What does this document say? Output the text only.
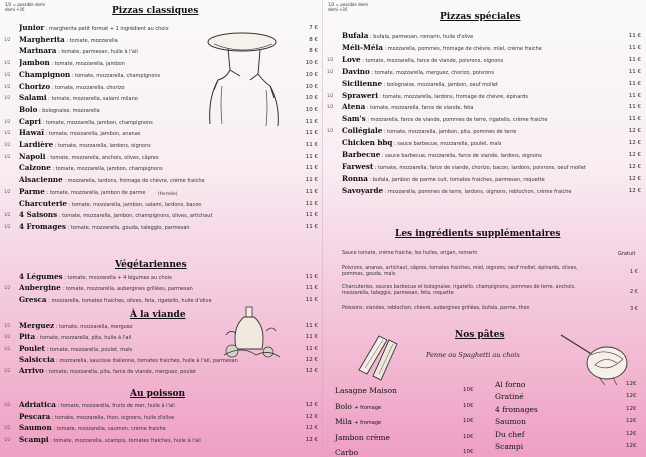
1/2 = possible demi demi +1€	Pizzas classiques
Junior : margherita petit format + 1 ingrédient au choix	7 €
1/2	Margherita : tomate, mozzarella	8 €
Marinara : tomate, parmesan, huile à l'ail	8 €
1/2	Jambon : tomate, mozzarella, jambon	10 €
1/2	Champignon : tomate, mozzarella, champignons	10 €
1/2	Chorizo : tomate, mozzarella, chorizo	10 €
1/2	Salami : tomate, mozzarella, salami milano	10 €
Bolo : bolognaise, mozzarella	10 €
1/2	Capri : tomate, mozzarella, jambon, champignons	11 €
1/2	Hawaï : tomate, mozzarella, jambon, ananas	11 €
1/2	Lardière : tomate, mozzarella, lardons, oignons	11 €
1/2	Napoli : tomate, mozzarella, anchois, olives, câpres	11 €
Calzone : tomate, mozzarella, jambon, champignons	11 €
Alsacienne : mozzarella, lardons, fromage de chèvre, crème fraiche	11 €
1/2	Parme : tomate, mozzarella, jambon de parme	11 €
Charcuterie : tomate, mozzarella, jambon, salami, lardons, bacon	11 €
1/2	4 Saisons : tomate, mozzarella, jambon, champignons, olives, artichaut	11 €
1/2	4 Fromages : tomate, mozzarella, gouda, taleggio, parmesan	11 €
(fermée)
Végétariennes
4 Légumes : tomate, mozzarella + 4 légumes au choix	11 €
1/2	Aubergine : tomate, mozzarella, aubergines grillées, parmesan	11 €
Gresca : mozzarella, tomates fraiches, olives, feta, rigatello, huile d'olive	11 €
À la viande
1/2	Merguez : tomate, mozzarella, merguez	11 €
1/2	Pita : tomate, mozzarella, pita, huile à l'ail	11 €
1/2	Poulet : tomate, mozzarella, poulet, maïs	11 €
Salsiccia : mozzarella, saucisse italienne, tomates fraiches, huile à l'ail, parmesan	12 €
1/2	Arrivo : tomate, mozzarella, pita, farce de viande, merguez, poulet	12 €
Au poisson
1/2	Adriatica : tomate, mozzarella, fruits de mer, huile à l'ail	12 €
Pescara : tomate, mozzarella, thon, oignons, huile d'olive	12 €
1/2	Saumon : tomate, mozzarella, saumon, crème fraiche	12 €
1/2	Scampi : tomate, mozzarella, scampis, tomates fraiches, huile à l'ail	12 €
1/2 = possible demi demi +1€
Pizzas spéciales
Bufala : bufala, parmesan, romarin, huile d'olive	11 €
Méli-Méla : mozzarella, pommes, fromage de chèvre, miel, crème fraiche	11 €
1/2	Love : tomate, mozzarella, farce de viande, poivrons, oignons	11 €
1/2	Davino : tomate, mozzarella, merguez, chorizo, poivrons	11 €
Sicilienne : bolognaise, mozzarella, jambon, oeuf mollet	11 €
1/2	Spraweri : tomate, mozzarella, lardons, fromage de chèvre, épinards	11 €
1/2	Atena : tomate, mozzarella, farce de viande, feta	11 €
Sam's : mozzarella, farce de viande, pommes de terre, rigatello, crème fraiche	11 €
1/2	Collégiale : tomate, mozzarella, jambon, pita, pommes de terre	12 €
Chicken bbq : sauce barbecue, mozzarella, poulet, maïs	12 €
Barbecue : sauce barbecue, mozzarella, farce de viande, lardons, oignons	12 €
Farwest : tomate, mozzarella, farce de viande, chorizo, bacon, lardons, poivrons, oeuf mollet	12 €
Ronna : bufala, jambon de parme cuit, tomates fraiches, parmesan, roquette	12 €
Savoyarde : mozzarella, pommes de terre, lardons, oignons, reblochon, crème fraiche	12 €
Les ingrédients supplémentaires
Sauce tomate, crème fraiche, les huiles, origan, romarin	Gratuit
Poivrons, ananas, artichaut, câpres, tomates fraiches, miel, oignons, oeuf mollet, épinards, olives, pommes, gouda, maïs	1 €
Charcuteries, sauces barbecue et bolognaise, rigatello, champignons, pommes de terre, anchois, mozzarella, taleggio, parmesan, feta, roquette	2 €
Poissons, viandes, reblochon, chèvre, aubergines grillées, bufala, parme, thon	3 €
Nos pâtes
Penne ou Spaghetti au choix
Lasagne Maison	10€
Bolo + fromage	10€
Mila + fromage	10€
Jambon crème	10€
Carbo	10€
Al forno	12€
Gratiné	12€
4 fromages	12€
Saumon	12€
Du chef	12€
Scampi	12€
